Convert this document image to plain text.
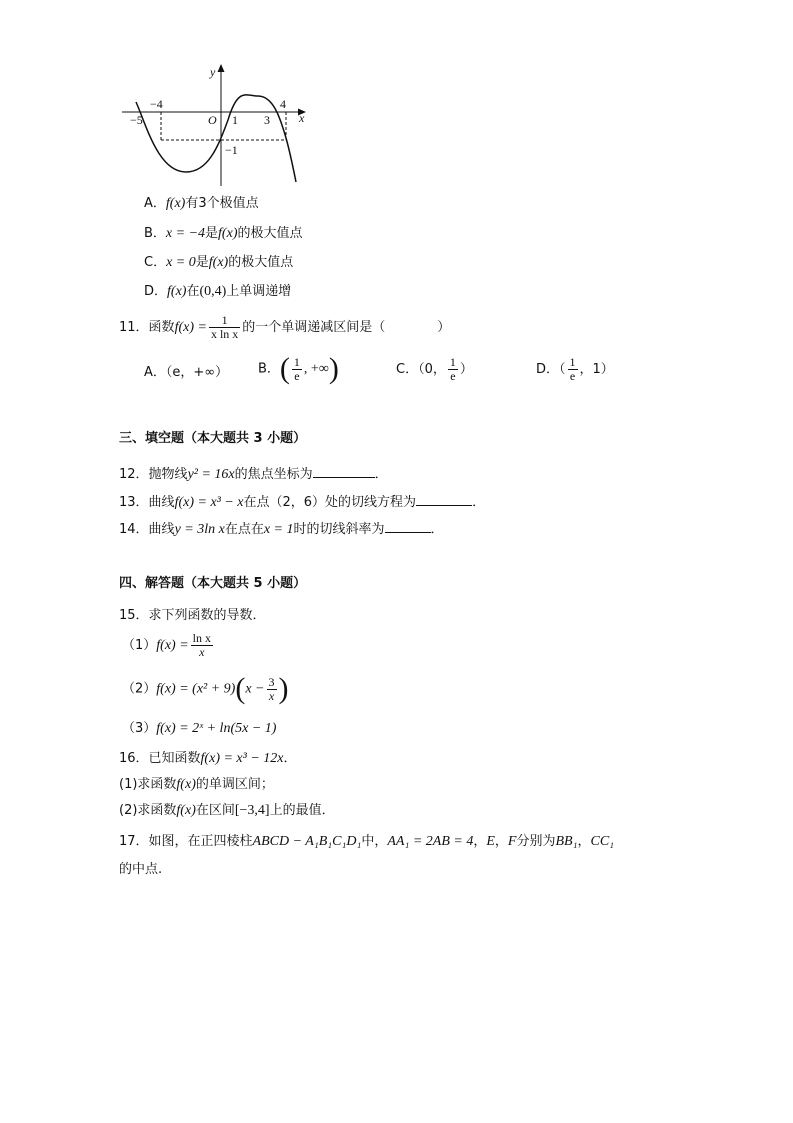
y
x
O
−4
−5	1 3
4
−1
A．f(x)有3个极值点
B．x = −4是f(x)的极大值点
C．x = 0是f(x)的极大值点
D．f(x)在(0,4)上单调递增
11．函数$f(x) = \frac{1}{\text{x ln x}}$ 的一个单调递减区间是（　　　　）
A．（e，+∞） B．( $\frac{1}{e}$ , +∞)	C．（0， $\frac{1}{e}$ ）	D．（ $\frac{1}{e}$ ，1）
三、填空题（本大题共 3 小题）
12．抛物线y² = 16x的焦点坐标为	．
13．曲线f(x) = x³ − x在点（2，6）处的切线方程为	．
14．曲线y = 3ln x在点在x = 1时的切线斜率为	．
四、解答题（本大题共 5 小题）
15．求下列函数的导数．
$(1)f(x) = \frac{\text{ln x}}{x}$
$(2)f(x) = (x^2 + 9)(x - \frac{3}{x}$ )
（3）f(x) = 2ˣ + ln(5x − 1)
16．已知函数f(x) = x³ − 12x．
(1)求函数f(x)的单调区间；
(2)求函数f(x)在区间[−3,4]上的最值．
17．如图，在正四棱柱ABCD − A₁B₁C₁D₁中，AA₁ = 2AB = 4，E，F分别为BB₁，CC₁
的中点.
